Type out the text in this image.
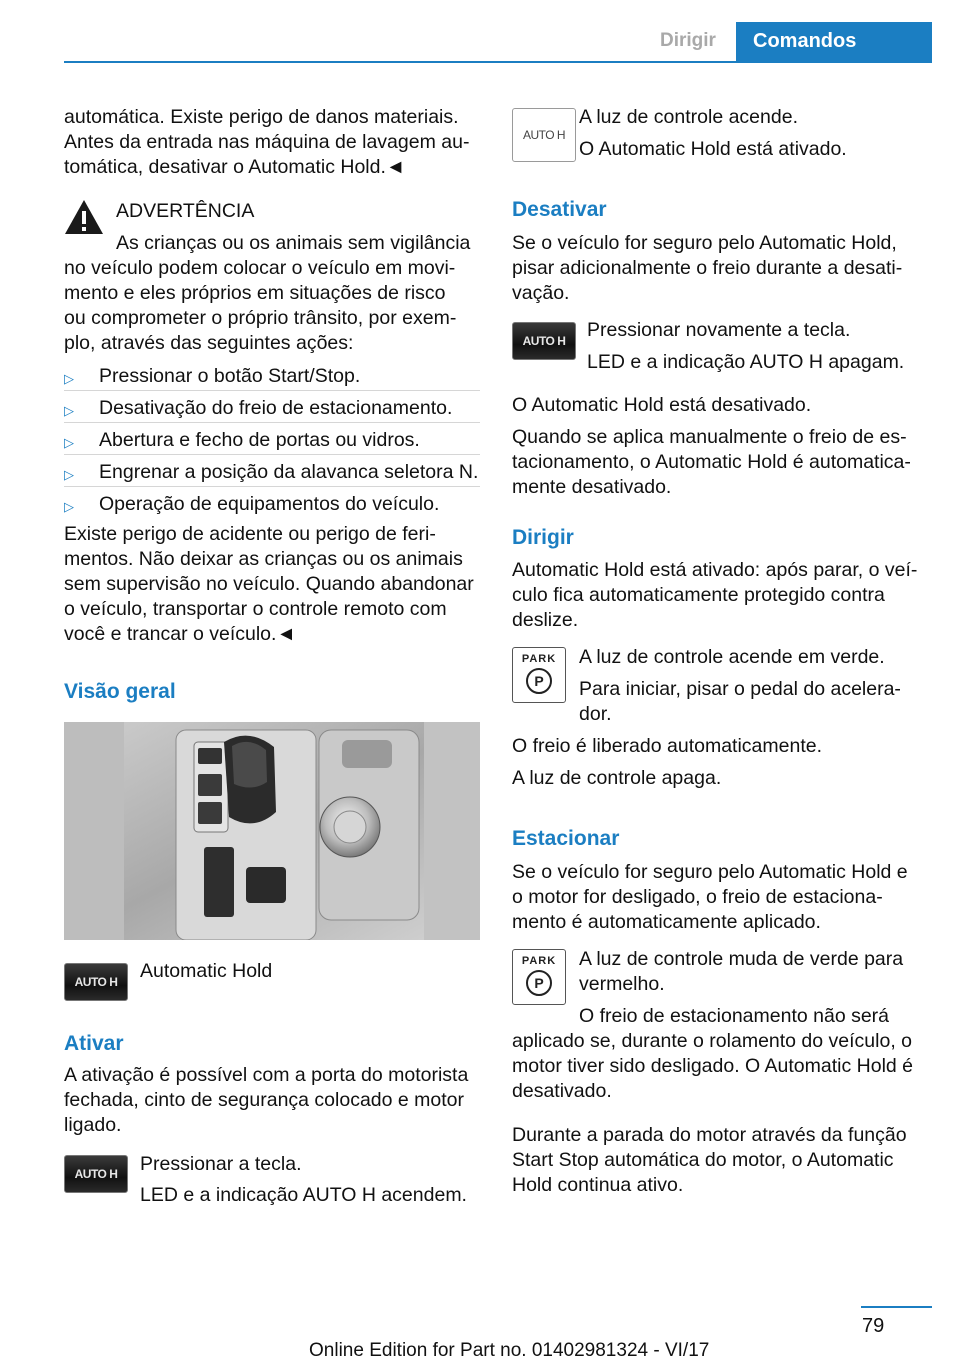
Dirigir	Comandos
automática. Existe perigo de danos materiais.
Antes da entrada nas máquina de lavagem au‐
tomática, desativar o Automatic Hold.◄
ADVERTÊNCIA
As crianças ou os animais sem vigilância
no veículo podem colocar o veículo em movi‐
mento e eles próprios em situações de risco
ou comprometer o próprio trânsito, por exem‐
plo, através das seguintes ações:
▷ Pressionar o botão Start/Stop.
▷ Desativação do freio de estacionamento.
▷ Abertura e fecho de portas ou vidros.
▷ Engrenar a posição da alavanca seletora N.
▷ Operação de equipamentos do veículo.
Existe perigo de acidente ou perigo de feri‐
mentos. Não deixar as crianças ou os animais
sem supervisão no veículo. Quando abandonar
o veículo, transportar o controle remoto com
você e trancar o veículo.◄
Visão geral
AUTO H	Automatic Hold
Ativar
A ativação é possível com a porta do motorista
fechada, cinto de segurança colocado e motor
ligado.
AUTO H	Pressionar a tecla.
LED e a indicação AUTO H acendem.
AUTO H
A luz de controle acende.
O Automatic Hold está ativado.
Desativar
Se o veículo for seguro pelo Automatic Hold,
pisar adicionalmente o freio durante a desati‐
vação.
AUTO H	Pressionar novamente a tecla.
LED e a indicação AUTO H apagam.
O Automatic Hold está desativado.
Quando se aplica manualmente o freio de es‐
tacionamento, o Automatic Hold é automatica‐
mente desativado.
Dirigir
Automatic Hold está ativado: após parar, o veí‐
culo fica automaticamente protegido contra
deslize.
PARK
P
A luz de controle acende em verde.
Para iniciar, pisar o pedal do acelera‐
dor.
O freio é liberado automaticamente.
A luz de controle apaga.
Estacionar
Se o veículo for seguro pelo Automatic Hold e
o motor for desligado, o freio de estaciona‐
mento é automaticamente aplicado.
PARK
P
A luz de controle muda de verde para
vermelho.
O freio de estacionamento não será
aplicado se, durante o rolamento do veículo, o
motor tiver sido desligado. O Automatic Hold é
desativado.
Durante a parada do motor através da função
Start Stop automática do motor, o Automatic
Hold continua ativo.
79
Online Edition for Part no. 01402981324 - VI/17
